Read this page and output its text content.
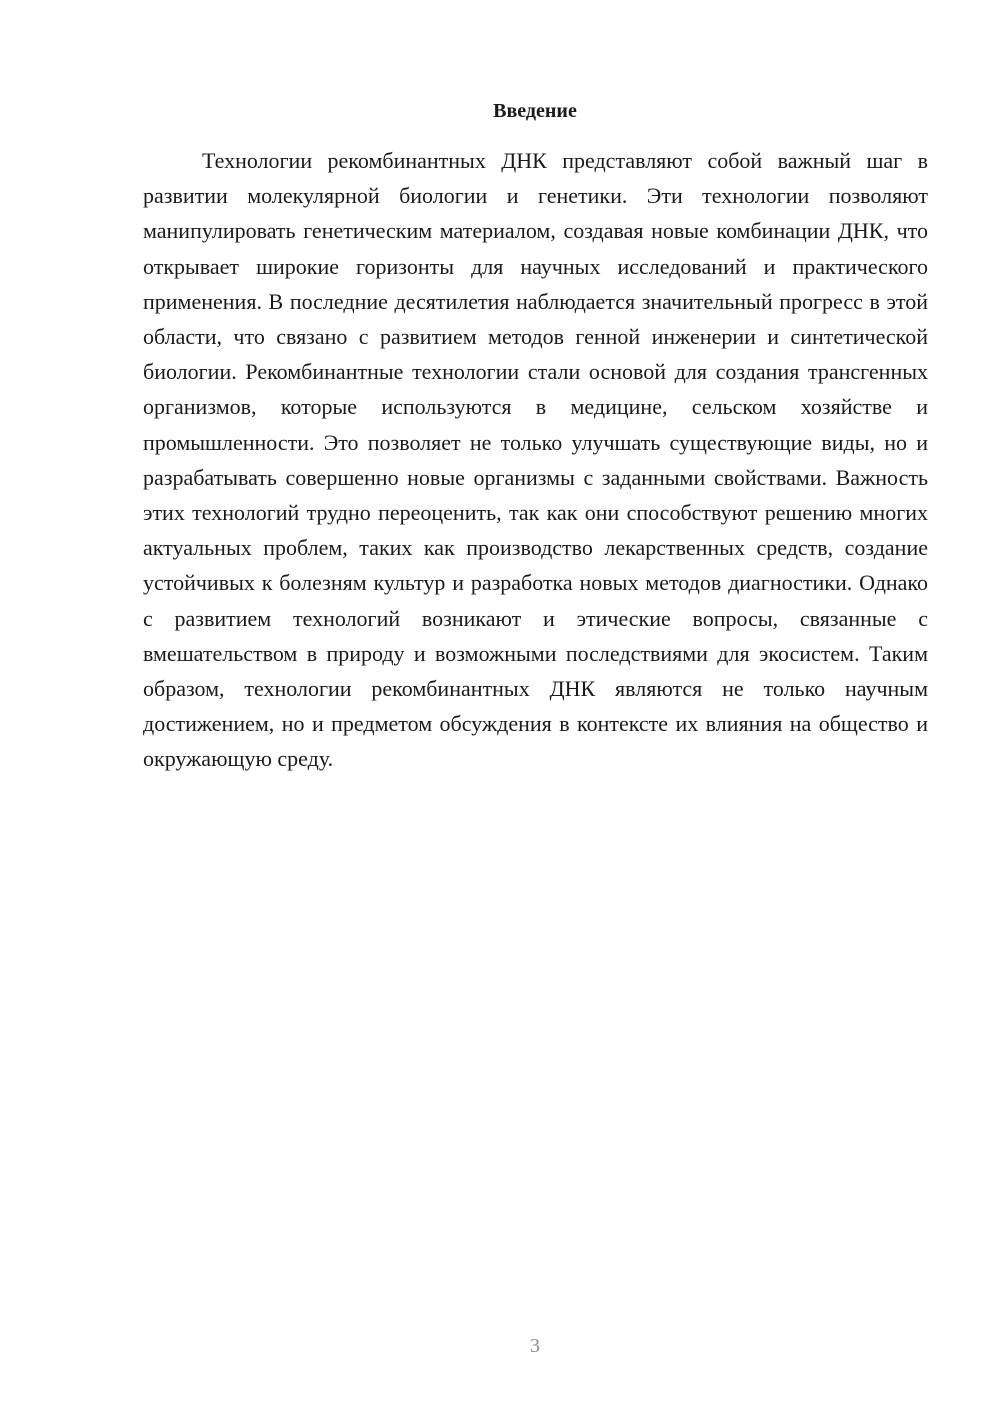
Введение

Технологии рекомбинантных ДНК представляют собой важный шаг в развитии молекулярной биологии и генетики. Эти технологии позволяют манипулировать генетическим материалом, создавая новые комбинации ДНК, что открывает широкие горизонты для научных исследований и практического применения. В последние десятилетия наблюдается значительный прогресс в этой области, что связано с развитием методов генной инженерии и синтетической биологии. Рекомбинантные технологии стали основой для создания трансгенных организмов, которые используются в медицине, сельском хозяйстве и промышленности. Это позволяет не только улучшать существующие виды, но и разрабатывать совершенно новые организмы с заданными свойствами. Важность этих технологий трудно переоценить, так как они способствуют решению многих актуальных проблем, таких как производство лекарственных средств, создание устойчивых к болезням культур и разработка новых методов диагностики. Однако с развитием технологий возникают и этические вопросы, связанные с вмешательством в природу и возможными последствиями для экосистем. Таким образом, технологии рекомбинантных ДНК являются не только научным достижением, но и предметом обсуждения в контексте их влияния на общество и окружающую среду.

3
